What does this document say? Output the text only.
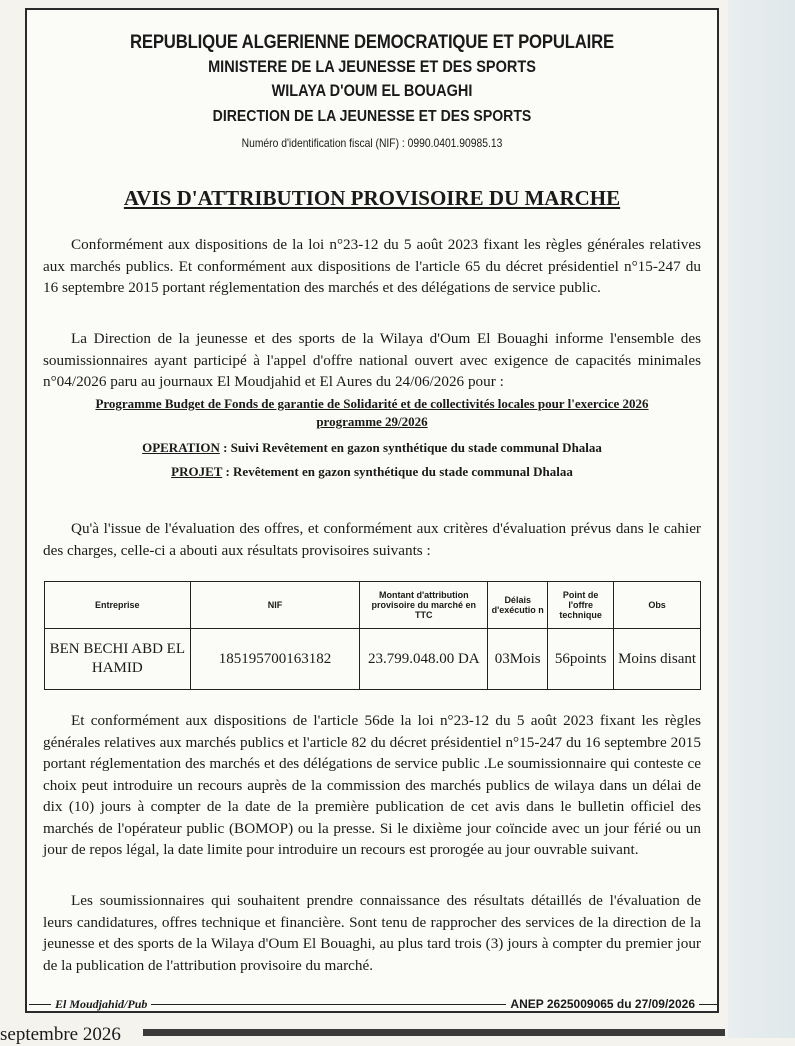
REPUBLIQUE ALGERIENNE DEMOCRATIQUE ET POPULAIRE
MINISTERE DE LA JEUNESSE ET DES SPORTS
WILAYA D'OUM EL BOUAGHI
DIRECTION DE LA JEUNESSE ET DES SPORTS
Numéro d'identification fiscal (NIF) : 0990.0401.90985.13
AVIS D'ATTRIBUTION PROVISOIRE DU MARCHE
Conformément aux dispositions de la loi n°23-12 du 5 août 2023 fixant les règles générales relatives aux marchés publics. Et conformément aux dispositions de l'article 65 du décret présidentiel n°15-247 du 16 septembre 2015 portant réglementation des marchés et des délégations de service public.
La Direction de la jeunesse et des sports de la Wilaya d'Oum El Bouaghi informe l'ensemble des soumissionnaires ayant participé à l'appel d'offre national ouvert avec exigence de capacités minimales n°04/2026 paru au journaux El Moudjahid et El Aures du 24/06/2026 pour :
Programme Budget de Fonds de garantie de Solidarité et de collectivités locales pour l'exercice 2026
programme 29/2026
OPERATION : Suivi Revêtement en gazon synthétique du stade communal Dhalaa
PROJET : Revêtement en gazon synthétique du stade communal Dhalaa
Qu'à l'issue de l'évaluation des offres, et conformément aux critères d'évaluation prévus dans le cahier des charges, celle-ci a abouti aux résultats provisoires suivants :
Entreprise	NIF	Montant d'attribution provisoire du marché en TTC	Délais d'exécutio n	Point de l'offre technique	Obs
BEN BECHI ABD EL HAMID	185195700163182	23.799.048.00 DA	03Mois	56points	Moins disant
Et conformément aux dispositions de l'article 56de la loi n°23-12 du 5 août 2023 fixant les règles générales relatives aux marchés publics et l'article 82 du décret présidentiel n°15-247 du 16 septembre 2015 portant réglementation des marchés et des délégations de service public .Le soumissionnaire qui conteste ce choix peut introduire un recours auprès de la commission des marchés publics de wilaya dans un délai de dix (10) jours à compter de la date de la première publication de cet avis dans le bulletin officiel des marchés de l'opérateur public (BOMOP) ou la presse. Si le dixième jour coïncide avec un jour férié ou un jour de repos légal, la date limite pour introduire un recours est prorogée au jour ouvrable suivant.
Les soumissionnaires qui souhaitent prendre connaissance des résultats détaillés de l'évaluation de leurs candidatures, offres technique et financière. Sont tenu de rapprocher des services de la direction de la jeunesse et des sports de la Wilaya d'Oum El Bouaghi, au plus tard trois (3) jours à compter du premier jour de la publication de l'attribution provisoire du marché.
El Moudjahid/Pub	ANEP 2625009065 du 27/09/2026
septembre 2026
